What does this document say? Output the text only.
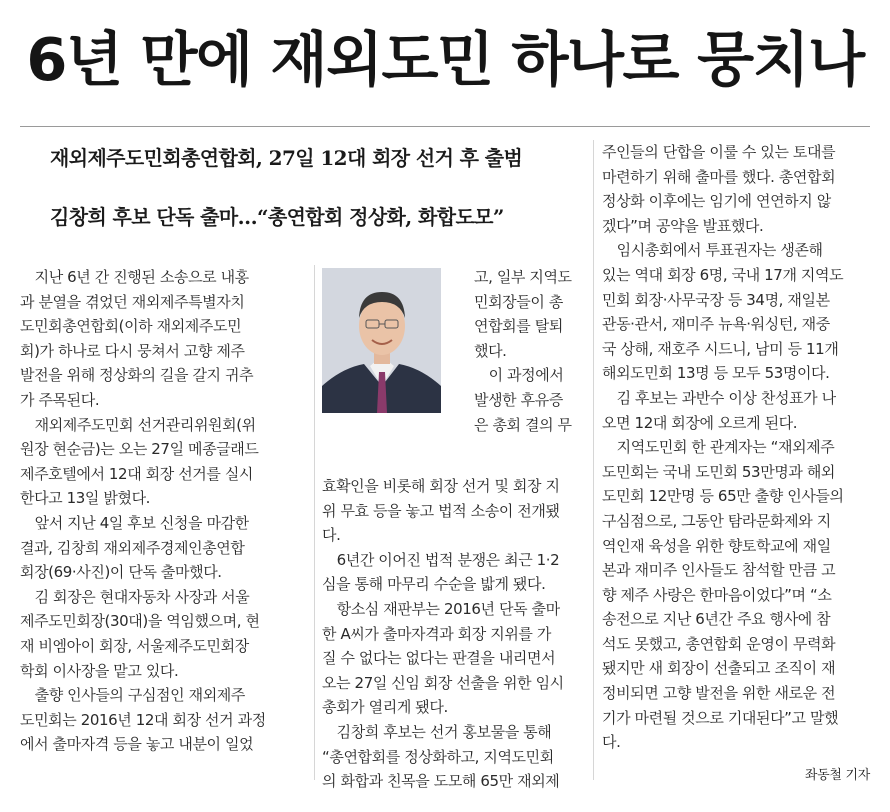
6년 만에 재외도민 하나로 뭉치나
재외제주도민회총연합회, 27일 12대 회장 선거 후 출범
김창희 후보 단독 출마…“총연합회 정상화, 화합도모”

　지난 6년 간 진행된 소송으로 내홍
과 분열을 겪었던 재외제주특별자치
도민회총연합회(이하 재외제주도민
회)가 하나로 다시 뭉쳐서 고향 제주
발전을 위해 정상화의 길을 갈지 귀추
가 주목된다.

　재외제주도민회 선거관리위원회(위
원장 현순금)는 오는 27일 메종글래드
제주호텔에서 12대 회장 선거를 실시
한다고 13일 밝혔다.

　앞서 지난 4일 후보 신청을 마감한
결과, 김창희 재외제주경제인총연합
회장(69·사진)이 단독 출마했다.

　김 회장은 현대자동차 사장과 서울
제주도민회장(30대)을 역임했으며, 현
재 비엠아이 회장, 서울제주도민회장
학회 이사장을 맡고 있다.

　출향 인사들의 구심점인 재외제주
도민회는 2016년 12대 회장 선거 과정
에서 출마자격 등을 놓고 내분이 일었

고, 일부 지역도
민회장들이 총
연합회를 탈퇴
했다.

　이 과정에서
발생한 후유증
은 총회 결의 무

효확인을 비롯해 회장 선거 및 회장 지
위 무효 등을 놓고 법적 소송이 전개됐
다.

　6년간 이어진 법적 분쟁은 최근 1·2
심을 통해 마무리 수순을 밟게 됐다.

　항소심 재판부는 2016년 단독 출마
한 A씨가 출마자격과 회장 지위를 가
질 수 없다는 없다는 판결을 내리면서
오는 27일 신임 회장 선출을 위한 임시
총회가 열리게 됐다.

　김창희 후보는 선거 홍보물을 통해
“총연합회를 정상화하고, 지역도민회
의 화합과 친목을 도모해 65만 재외제

주인들의 단합을 이룰 수 있는 토대를
마련하기 위해 출마를 했다. 총연합회
정상화 이후에는 임기에 연연하지 않
겠다”며 공약을 발표했다.

　임시총회에서 투표권자는 생존해
있는 역대 회장 6명, 국내 17개 지역도
민회 회장·사무국장 등 34명, 재일본
관동·관서, 재미주 뉴욕·워싱턴, 재중
국 상해, 재호주 시드니, 남미 등 11개
해외도민회 13명 등 모두 53명이다.

　김 후보는 과반수 이상 찬성표가 나
오면 12대 회장에 오르게 된다.

　지역도민회 한 관계자는 “재외제주
도민회는 국내 도민회 53만명과 해외
도민회 12만명 등 65만 출향 인사들의
구심점으로, 그동안 탐라문화제와 지
역인재 육성을 위한 향토학교에 재일
본과 재미주 인사들도 참석할 만큼 고
향 제주 사랑은 한마음이었다”며 “소
송전으로 지난 6년간 주요 행사에 참
석도 못했고, 총연합회 운영이 무력화
됐지만 새 회장이 선출되고 조직이 재
정비되면 고향 발전을 위한 새로운 전
기가 마련될 것으로 기대된다”고 말했
다.

좌동철 기자
